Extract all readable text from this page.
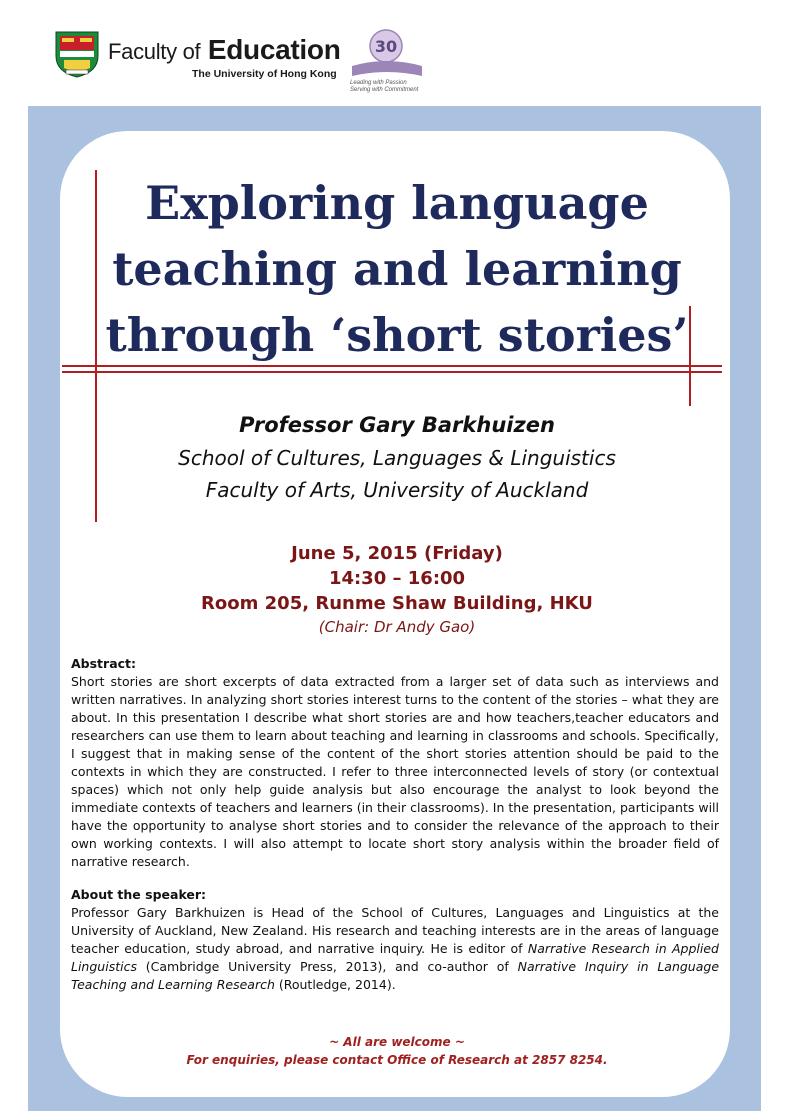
Faculty of Education
The University of Hong Kong
30
Leading with Passion
Serving with Commitment
Exploring language
teaching and learning
through ‘short stories’
Professor Gary Barkhuizen
School of Cultures, Languages & Linguistics
Faculty of Arts, University of Auckland
June 5, 2015 (Friday)
14:30 – 16:00
Room 205, Runme Shaw Building, HKU
(Chair: Dr Andy Gao)
Abstract:
Short stories are short excerpts of data extracted from a larger set of data such as interviews and written narratives. In analyzing short stories interest turns to the content of the stories – what they are about. In this presentation I describe what short stories are and how teachers,teacher educators and researchers can use them to learn about teaching and learning in classrooms and schools. Specifically, I suggest that in making sense of the content of the short stories attention should be paid to the contexts in which they are constructed. I refer to three interconnected levels of story (or contextual spaces) which not only help guide analysis but also encourage the analyst to look beyond the immediate contexts of teachers and learners (in their classrooms). In the presentation, participants will have the opportunity to analyse short stories and to consider the relevance of the approach to their own working contexts. I will also attempt to locate short story analysis within the broader field of narrative research.
About the speaker:
Professor Gary Barkhuizen is Head of the School of Cultures, Languages and Linguistics at the University of Auckland, New Zealand. His research and teaching interests are in the areas of language teacher education, study abroad, and narrative inquiry. He is editor of Narrative Research in Applied Linguistics (Cambridge University Press, 2013), and co-author of Narrative Inquiry in Language Teaching and Learning Research (Routledge, 2014).
~ All are welcome ~
For enquiries, please contact Office of Research at 2857 8254.
